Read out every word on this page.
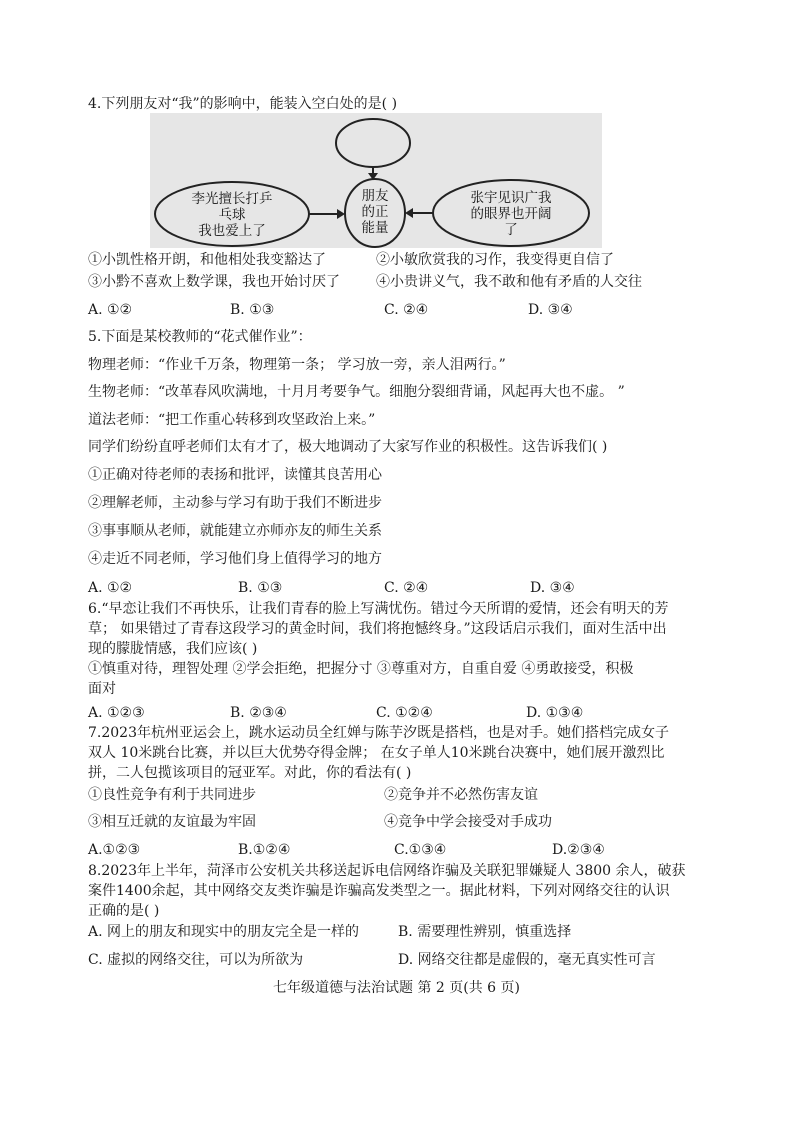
4.下列朋友对“我”的影响中，能装入空白处的是( )
李光擅长打乒
乓球
我也爱上了
朋友
的正
能量
张宇见识广我
的眼界也开阔
了
①小凯性格开朗，和他相处我变豁达了	②小敏欣赏我的习作，我变得更自信了
③小黔不喜欢上数学课，我也开始讨厌了	④小贵讲义气，我不敢和他有矛盾的人交往
A. ①②	B. ①③	C. ②④	D. ③④
5.下面是某校教师的“花式催作业”：
物理老师：“作业千万条，物理第一条； 学习放一旁，亲人泪两行。”
生物老师：“改革春风吹满地，十月月考要争气。细胞分裂细背诵，风起再大也不虚。 ”
道法老师：“把工作重心转移到攻坚政治上来。”
同学们纷纷直呼老师们太有才了，极大地调动了大家写作业的积极性。这告诉我们( )
①正确对待老师的表扬和批评，读懂其良苦用心
②理解老师，主动参与学习有助于我们不断进步
③事事顺从老师，就能建立亦师亦友的师生关系
④走近不同老师，学习他们身上值得学习的地方
A. ①②	B. ①③	C. ②④	D. ③④
6.“早恋让我们不再快乐，让我们青春的脸上写满忧伤。错过今天所谓的爱情，还会有明天的芳
草； 如果错过了青春这段学习的黄金时间，我们将抱憾终身。”这段话启示我们，面对生活中出
现的朦胧情感，我们应该( )
①慎重对待，理智处理 ②学会拒绝，把握分寸 ③尊重对方，自重自爱 ④勇敢接受，积极
面对
A. ①②③	B. ②③④	C. ①②④	D. ①③④
7.2023年杭州亚运会上，跳水运动员全红婵与陈芋汐既是搭档，也是对手。她们搭档完成女子
双人 10米跳台比赛，并以巨大优势夺得金牌； 在女子单人10米跳台决赛中，她们展开激烈比
拼，二人包揽该项目的冠亚军。对此，你的看法有( )
①良性竞争有利于共同进步	②竞争并不必然伤害友谊
③相互迁就的友谊最为牢固	④竞争中学会接受对手成功
A.①②③	B.①②④	C.①③④	D.②③④
8.2023年上半年，菏泽市公安机关共移送起诉电信网络诈骗及关联犯罪嫌疑人 3800 余人，破获
案件1400余起，其中网络交友类诈骗是诈骗高发类型之一。据此材料，下列对网络交往的认识
正确的是( )
A. 网上的朋友和现实中的朋友完全是一样的	B. 需要理性辨别，慎重选择
C. 虚拟的网络交往，可以为所欲为	D. 网络交往都是虚假的，毫无真实性可言
七年级道德与法治试题 第 2 页(共 6 页)
